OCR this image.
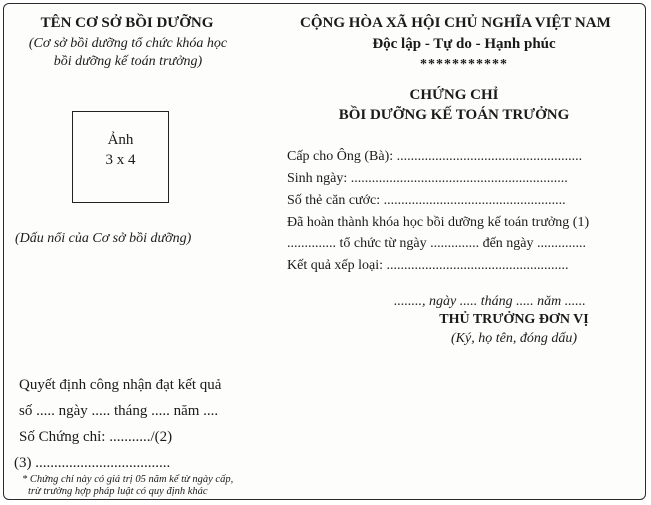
TÊN CƠ SỞ BỒI DƯỠNG
(Cơ sở bồi dưỡng tổ chức khóa học
bồi dưỡng kế toán trưởng)
Ảnh
3 x 4
(Dấu nổi của Cơ sở bồi dưỡng)
Quyết định công nhận đạt kết quả
số ..... ngày ..... tháng ..... năm ....
Số Chứng chỉ: .........../(2)
(3) ....................................
* Chứng chỉ này có giá trị 05 năm kể từ ngày cấp,
trừ trường hợp pháp luật có quy định khác
CỘNG HÒA XÃ HỘI CHỦ NGHĨA VIỆT NAM
Độc lập - Tự do - Hạnh phúc
***********
CHỨNG CHỈ
BỒI DƯỠNG KẾ TOÁN TRƯỞNG
Cấp cho Ông (Bà): .....................................................
Sinh ngày: ..............................................................
Số thẻ căn cước: ....................................................
Đã hoàn thành khóa học bồi dưỡng kế toán trưởng (1)
.............. tổ chức từ ngày .............. đến ngày ..............
Kết quả xếp loại: ....................................................
........, ngày ..... tháng ..... năm ......
THỦ TRƯỞNG ĐƠN VỊ
(Ký, họ tên, đóng dấu)
